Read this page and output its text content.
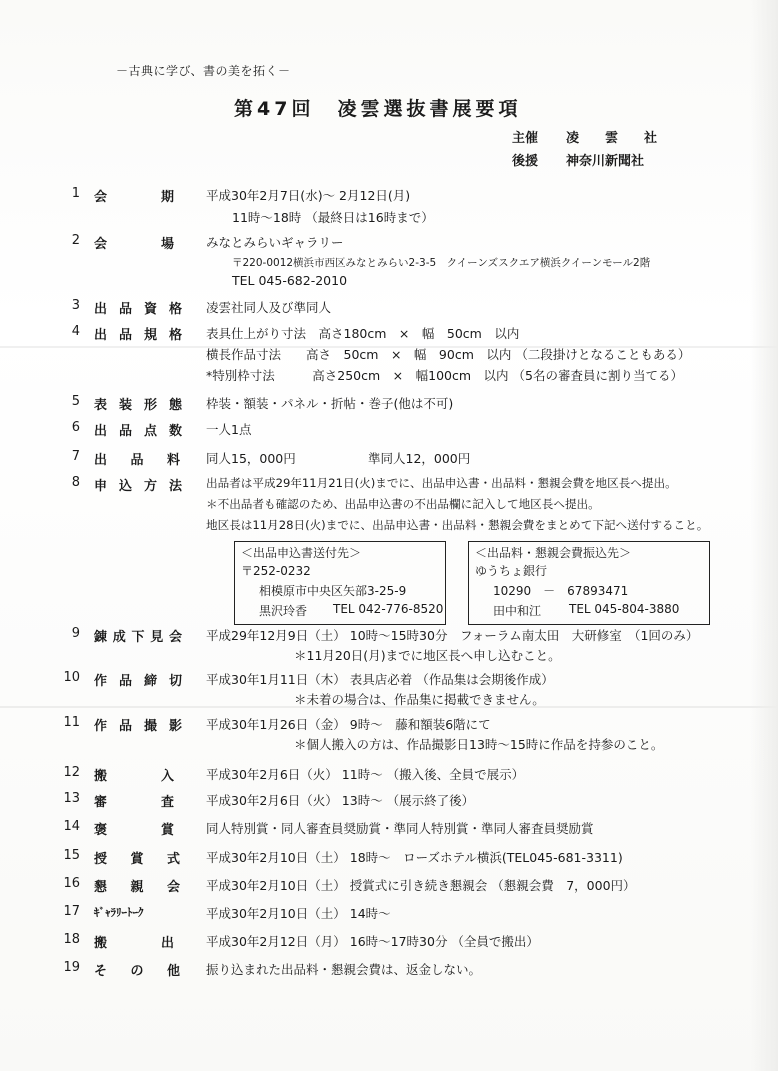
－古典に学び、書の美を拓く－
第47回　凌雲選抜書展要項
主催 凌　　雲　　社
後援 神奈川新聞社
1 会	期	平成30年2月7日(水)～ 2月12日(月)
11時～18時 （最終日は16時まで）
2 会	場	みなとみらいギャラリー
〒220-0012横浜市西区みなとみらい2-3-5　クイーンズスクエア横浜クイーンモール2階
TEL 045-682-2010
3 出 品 資 格 凌雲社同人及び準同人
4 出 品 規 格 表具仕上がり寸法　高さ180cm　×　幅　50cm　以内
横長作品寸法　　高さ　50cm　×　幅　90cm　以内 （二段掛けとなることもある）
*特別枠寸法　　　高さ250cm　×　幅100cm　以内 （5名の審査員に割り当てる）
5 表 装 形 態 枠装・額装・パネル・折帖・巻子(他は不可)
6 出 品 点 数 一人1点
7 出 品 料 同人15，000円	準同人12，000円
8 申 込 方 法 出品者は平成29年11月21日(火)までに、出品申込書・出品料・懇親会費を地区長へ提出。
＊不出品者も確認のため、出品申込書の不出品欄に記入して地区長へ提出。
地区長は11月28日(火)までに、出品申込書・出品料・懇親会費をまとめて下記へ送付すること。
9 錬 成 下 見 会 平成29年12月9日（土） 10時～15時30分　フォーラム南太田　大研修室　（1回のみ）
＊11月20日(月)までに地区長へ申し込むこと。
10 作 品 締 切 平成30年1月11日（木） 表具店必着 （作品集は会期後作成）
＊未着の場合は、作品集に掲載できません。
11 作 品 撮 影 平成30年1月26日（金） 9時～　藤和額装6階にて
＊個人搬入の方は、作品撮影日13時～15時に作品を持参のこと。
12 搬	入	平成30年2月6日（火） 11時～ （搬入後、全員で展示）
13 審	査	平成30年2月6日（火） 13時～ （展示終了後）
14 褒	賞	同人特別賞・同人審査員奨励賞・準同人特別賞・準同人審査員奨励賞
15 授 賞 式 平成30年2月10日（土） 18時～　ローズホテル横浜(TEL045-681-3311)
16 懇 親 会 平成30年2月10日（土） 授賞式に引き続き懇親会 （懇親会費　7，000円）
17 ｷﾞｬﾗﾘｰﾄｰｸ	平成30年2月10日（土） 14時～
18 搬	出	平成30年2月12日（月） 16時～17時30分 （全員で搬出）
19 そ の 他 振り込まれた出品料・懇親会費は、返金しない。
＜出品申込書送付先＞
〒252-0232
相模原市中央区矢部3-25-9
黒沢玲香 TEL 042-776-8520
＜出品料・懇親会費振込先＞
ゆうちょ銀行
10290　－　67893471
田中和江 TEL 045-804-3880
